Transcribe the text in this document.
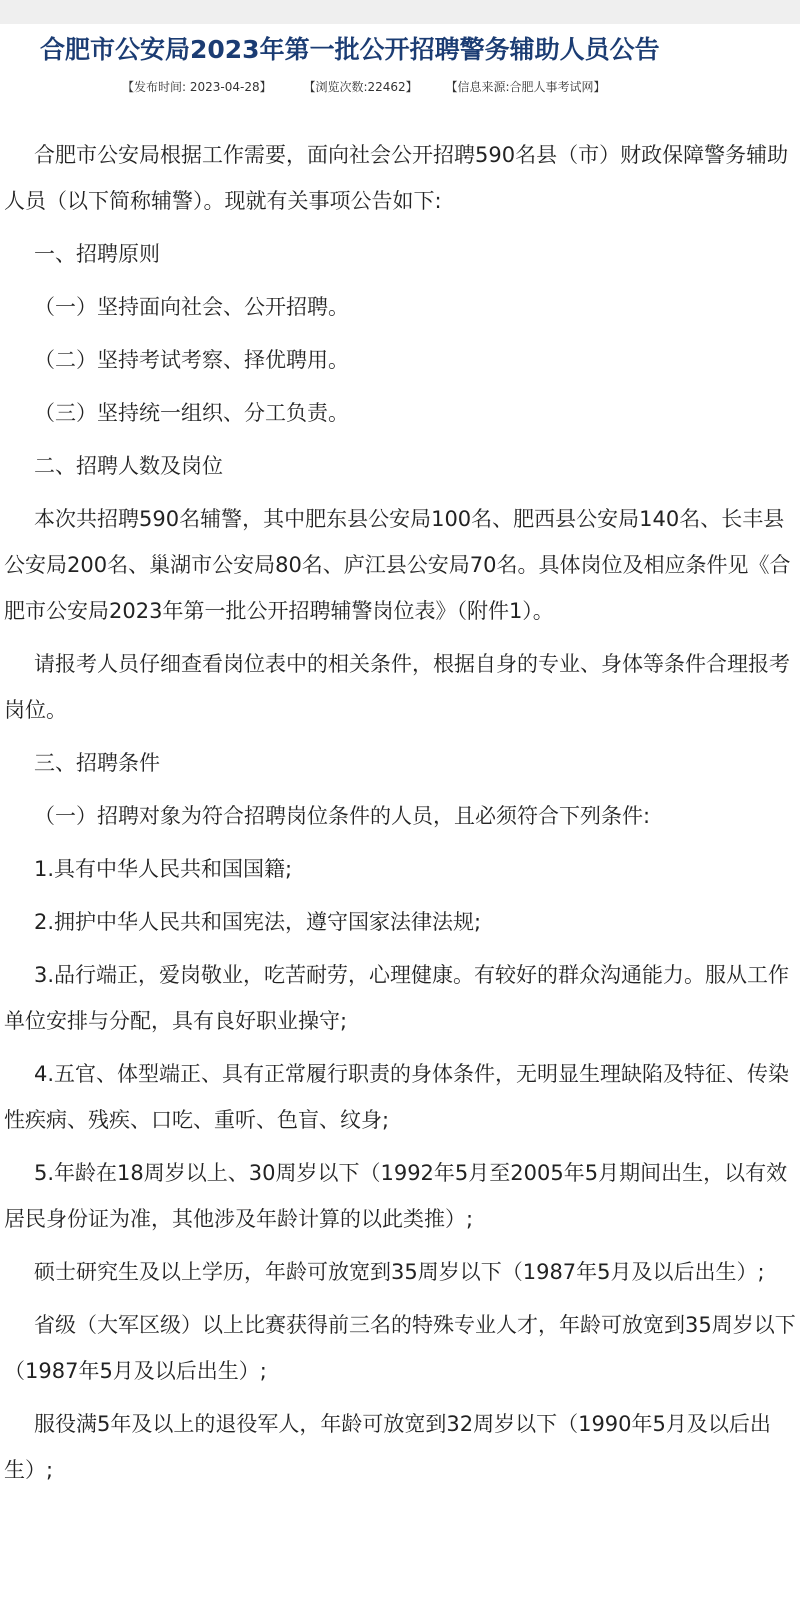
合肥市公安局2023年第一批公开招聘警务辅助人员公告
【发布时间: 2023-04-28】	【浏览次数:22462】 【信息来源:合肥人事考试网】

合肥市公安局根据工作需要，面向社会公开招聘590名县（市）财政保障警务辅助人员（以下简称辅警）。现就有关事项公告如下:

一、招聘原则

（一）坚持面向社会、公开招聘。

（二）坚持考试考察、择优聘用。

（三）坚持统一组织、分工负责。

二、招聘人数及岗位

本次共招聘590名辅警，其中肥东县公安局100名、肥西县公安局140名、长丰县公安局200名、巢湖市公安局80名、庐江县公安局70名。具体岗位及相应条件见《合肥市公安局2023年第一批公开招聘辅警岗位表》（附件1）。

请报考人员仔细查看岗位表中的相关条件，根据自身的专业、身体等条件合理报考岗位。

三、招聘条件

（一）招聘对象为符合招聘岗位条件的人员，且必须符合下列条件:

1.具有中华人民共和国国籍;

2.拥护中华人民共和国宪法，遵守国家法律法规;

3.品行端正，爱岗敬业，吃苦耐劳，心理健康。有较好的群众沟通能力。服从工作单位安排与分配，具有良好职业操守;

4.五官、体型端正、具有正常履行职责的身体条件，无明显生理缺陷及特征、传染性疾病、残疾、口吃、重听、色盲、纹身;

5.年龄在18周岁以上、30周岁以下（1992年5月至2005年5月期间出生，以有效居民身份证为准，其他涉及年龄计算的以此类推）;

硕士研究生及以上学历，年龄可放宽到35周岁以下（1987年5月及以后出生）;

省级（大军区级）以上比赛获得前三名的特殊专业人才，年龄可放宽到35周岁以下（1987年5月及以后出生）;

服役满5年及以上的退役军人，年龄可放宽到32周岁以下（1990年5月及以后出生）;
